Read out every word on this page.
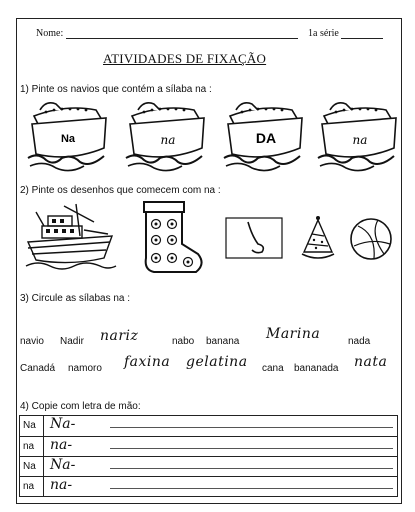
Nome:	1a série
ATIVIDADES DE FIXAÇÃO
1) Pinte os navios que contém a sílaba na :
Na	na	DA	na
2) Pinte os desenhos que comecem com na :
3) Circule as sílabas na :
navio Nadir nariz	nabo banana Marina	nada
Canadá namoro faxina gelatina cana bananada nata
4) Copie com letra de mão:
Na	Na-
na	na-
Na	Na-
na	na-
